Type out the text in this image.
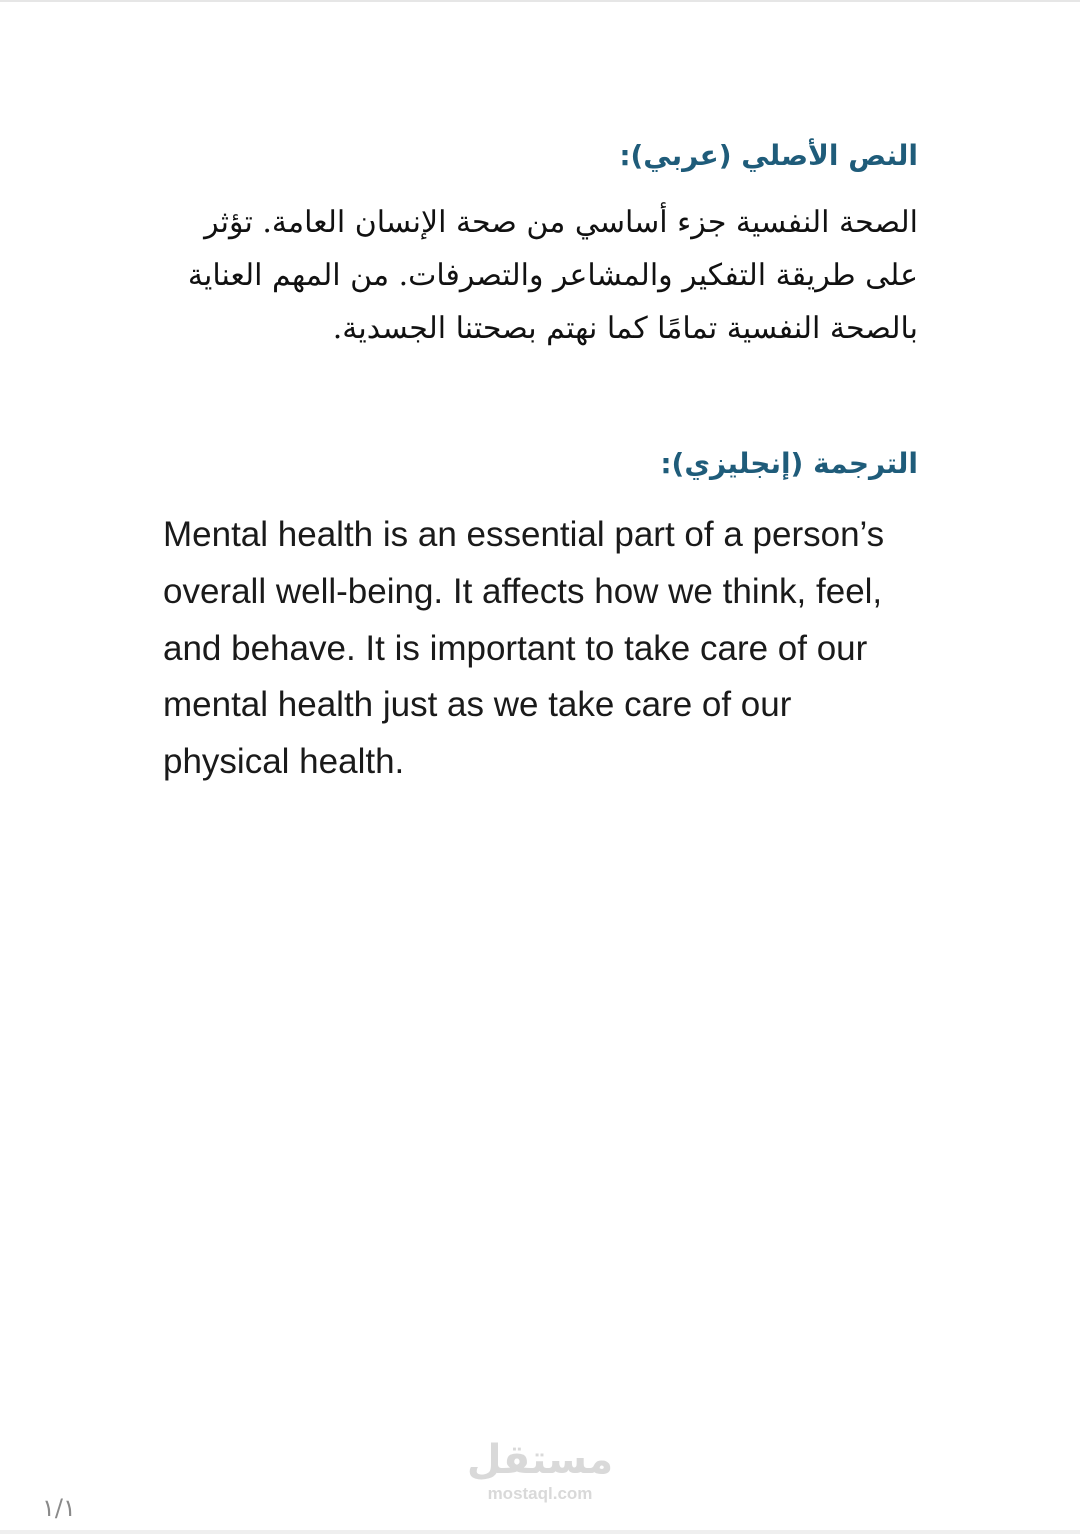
النص الأصلي (عربي):

الصحة النفسية جزء أساسي من صحة الإنسان العامة. تؤثر على طريقة التفكير والمشاعر والتصرفات. من المهم العناية بالصحة النفسية تمامًا كما نهتم بصحتنا الجسدية.

الترجمة (إنجليزي):

Mental health is an essential part of a person’s overall well-being. It affects how we think, feel, and behave. It is important to take care of our mental health just as we take care of our physical health.

مستقل
mostaql.com
١/١
